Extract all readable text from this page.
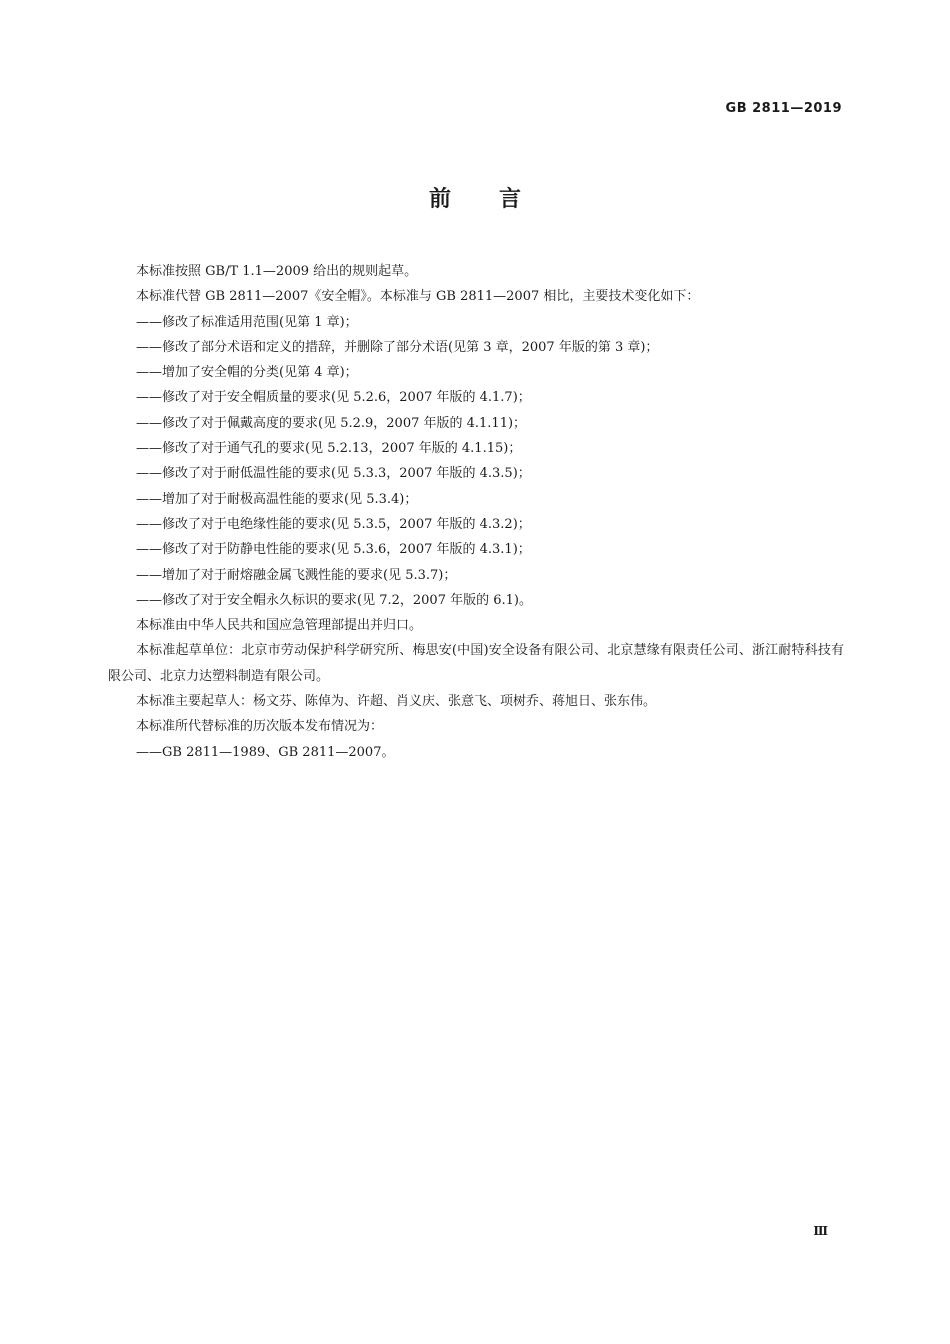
GB 2811—2019
前言

本标准按照 GB/T 1.1—2009 给出的规则起草。

本标准代替 GB 2811—2007《安全帽》。本标准与 GB 2811—2007 相比，主要技术变化如下：

——修改了标准适用范围(见第 1 章)；

——修改了部分术语和定义的措辞，并删除了部分术语(见第 3 章，2007 年版的第 3 章)；

——增加了安全帽的分类(见第 4 章)；

——修改了对于安全帽质量的要求(见 5.2.6，2007 年版的 4.1.7)；

——修改了对于佩戴高度的要求(见 5.2.9，2007 年版的 4.1.11)；

——修改了对于通气孔的要求(见 5.2.13，2007 年版的 4.1.15)；

——修改了对于耐低温性能的要求(见 5.3.3，2007 年版的 4.3.5)；

——增加了对于耐极高温性能的要求(见 5.3.4)；

——修改了对于电绝缘性能的要求(见 5.3.5，2007 年版的 4.3.2)；

——修改了对于防静电性能的要求(见 5.3.6，2007 年版的 4.3.1)；

——增加了对于耐熔融金属飞溅性能的要求(见 5.3.7)；

——修改了对于安全帽永久标识的要求(见 7.2，2007 年版的 6.1)。

本标准由中华人民共和国应急管理部提出并归口。

本标准起草单位：北京市劳动保护科学研究所、梅思安(中国)安全设备有限公司、北京慧缘有限责任公司、浙江耐特科技有限公司、北京力达塑料制造有限公司。

本标准主要起草人：杨文芬、陈倬为、许超、肖义庆、张意飞、项树乔、蒋旭日、张东伟。

本标准所代替标准的历次版本发布情况为：

——GB 2811—1989、GB 2811—2007。

Ⅲ
